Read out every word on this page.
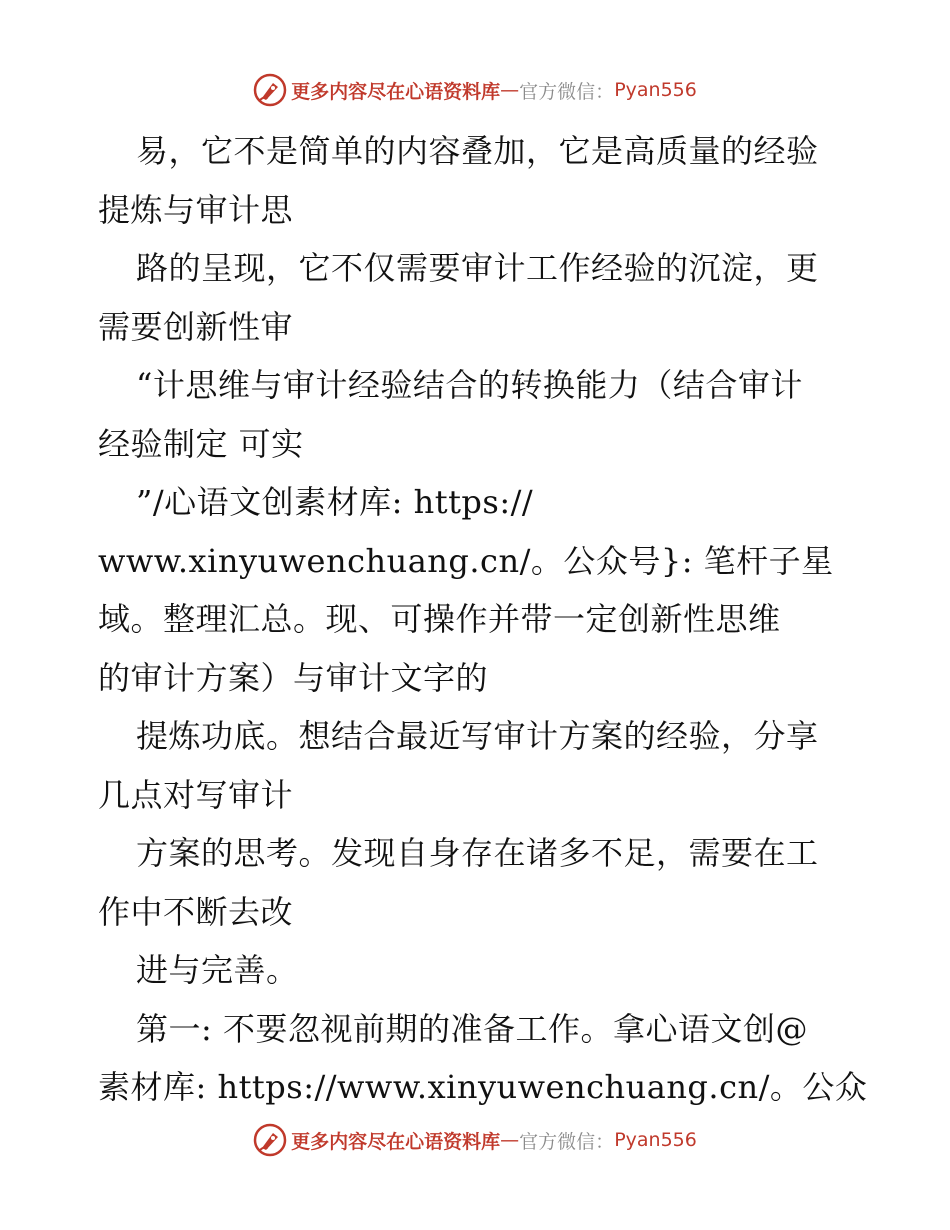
更多内容尽在心语资料库 — 官方微信： Pyan556
易，它不是简单的内容叠加，它是高质量的经验
提炼与审计思
路的呈现，它不仅需要审计工作经验的沉淀，更
需要创新性审
“计思维与审计经验结合的转换能力（结合审计
经验制定 可实
”/心语文创素材库: https://
www.xinyuwenchuang.cn/。公众号}: 笔杆子星
域。整理汇总。现、可操作并带一定创新性思维
的审计方案）与审计文字的
提炼功底。想结合最近写审计方案的经验，分享
几点对写审计
方案的思考。发现自身存在诸多不足，需要在工
作中不断去改
进与完善。
第一: 不要忽视前期的准备工作。拿心语文创@
素材库: https://www.xinyuwenchuang.cn/。公众
更多内容尽在心语资料库 — 官方微信： Pyan556
